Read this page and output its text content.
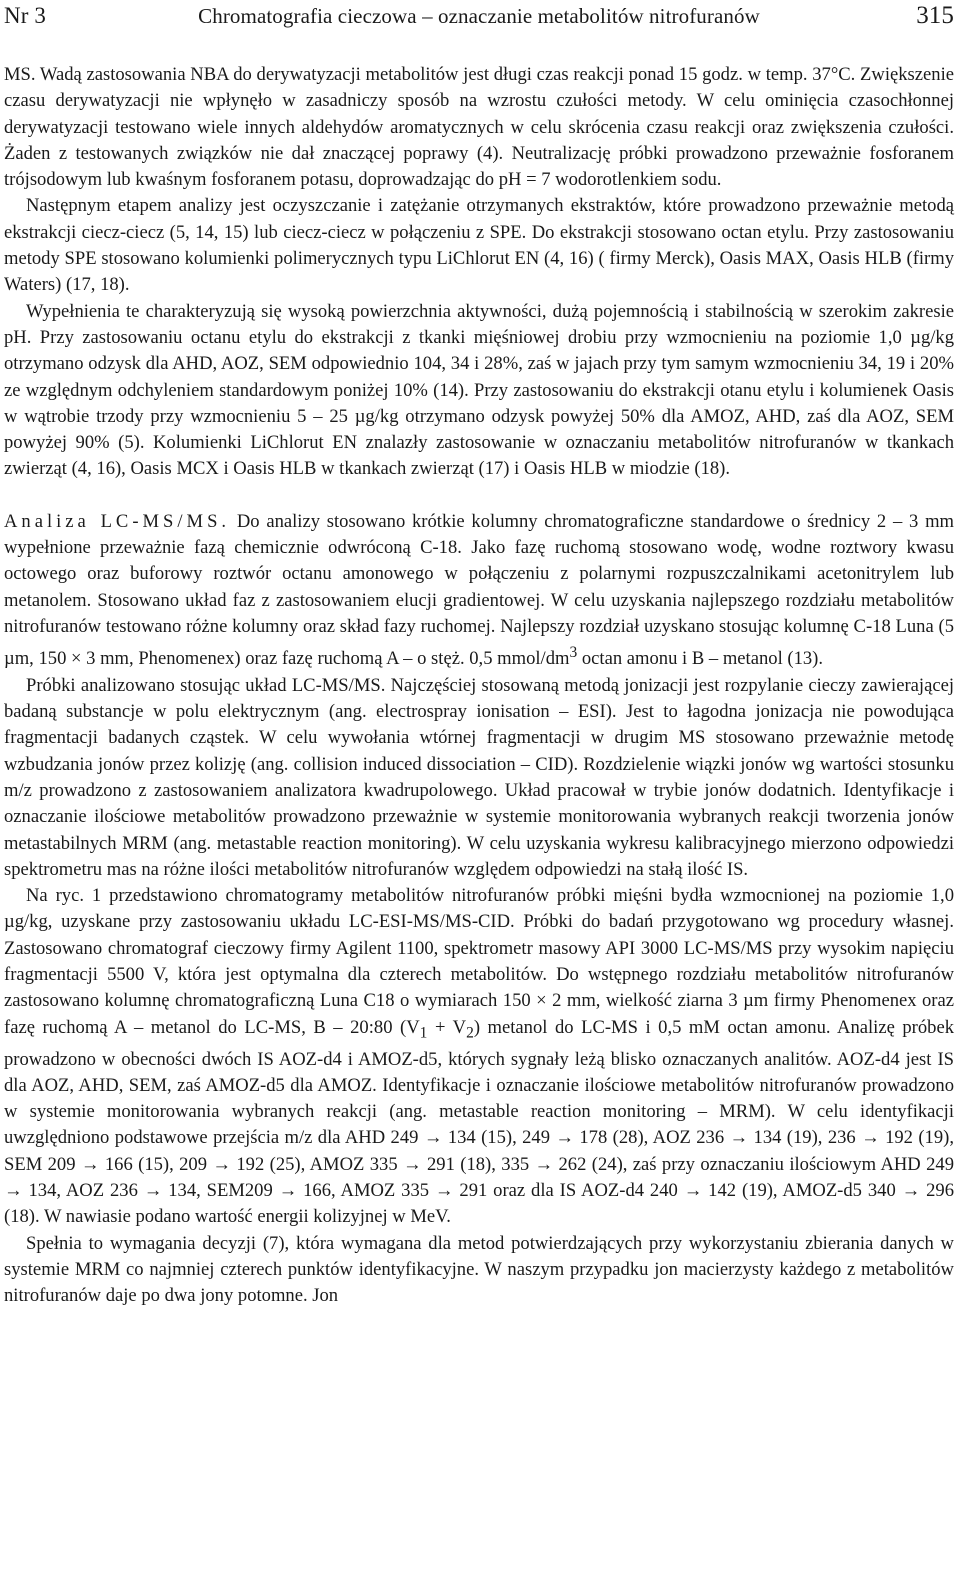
Nr 3	Chromatografia cieczowa – oznaczanie metabolitów nitrofuranów	315

MS. Wadą zastosowania NBA do derywatyzacji metabolitów jest długi czas reakcji ponad 15 godz. w temp. 37°C. Zwiększenie czasu derywatyzacji nie wpłynęło w zasadniczy sposób na wzrostu czułości metody. W celu ominięcia czasochłonnej derywatyzacji testowano wiele innych aldehydów aromatycznych w celu skrócenia czasu reakcji oraz zwiększenia czułości. Żaden z testowanych związków nie dał znaczącej poprawy (4). Neutralizację próbki prowadzono przeważnie fosforanem trójsodowym lub kwaśnym fosforanem potasu, doprowadzając do pH = 7 wodorotlenkiem sodu.

Następnym etapem analizy jest oczyszczanie i zatężanie otrzymanych ekstraktów, które prowadzono przeważnie metodą ekstrakcji ciecz-ciecz (5, 14, 15) lub ciecz-ciecz w połączeniu z SPE. Do ekstrakcji stosowano octan etylu. Przy zastosowaniu metody SPE stosowano kolumienki polimerycznych typu LiChlorut EN (4, 16) ( firmy Merck), Oasis MAX, Oasis HLB (firmy Waters) (17, 18).

Wypełnienia te charakteryzują się wysoką powierzchnia aktywności, dużą pojemnością i stabilnością w szerokim zakresie pH. Przy zastosowaniu octanu etylu do ekstrakcji z tkanki mięśniowej drobiu przy wzmocnieniu na poziomie 1,0 µg/kg otrzymano odzysk dla AHD, AOZ, SEM odpowiednio 104, 34 i 28%, zaś w jajach przy tym samym wzmocnieniu 34, 19 i 20% ze względnym odchyleniem standardowym poniżej 10% (14). Przy zastosowaniu do ekstrakcji otanu etylu i kolumienek Oasis w wątrobie trzody przy wzmocnieniu 5 – 25 µg/kg otrzymano odzysk powyżej 50% dla AMOZ, AHD, zaś dla AOZ, SEM powyżej 90% (5). Kolumienki LiChlorut EN znalazły zastosowanie w oznaczaniu metabolitów nitrofuranów w tkankach zwierząt (4, 16), Oasis MCX i Oasis HLB w tkankach zwierząt (17) i Oasis HLB w miodzie (18).

Analiza LC-MS/MS. Do analizy stosowano krótkie kolumny chromatograficzne standardowe o średnicy 2 – 3 mm wypełnione przeważnie fazą chemicznie odwróconą C-18. Jako fazę ruchomą stosowano wodę, wodne roztwory kwasu octowego oraz buforowy roztwór octanu amonowego w połączeniu z polarnymi rozpuszczalnikami acetonitrylem lub metanolem. Stosowano układ faz z zastosowaniem elucji gradientowej. W celu uzyskania najlepszego rozdziału metabolitów nitrofuranów testowano różne kolumny oraz skład fazy ruchomej. Najlepszy rozdział uzyskano stosując kolumnę C-18 Luna (5 µm, 150 × 3 mm, Phenomenex) oraz fazę ruchomą A – o stęż. 0,5 mmol/$dm^3$ octan amonu i B – metanol (13).

Próbki analizowano stosując układ LC-MS/MS. Najczęściej stosowaną metodą jonizacji jest rozpylanie cieczy zawierającej badaną substancje w polu elektrycznym (ang. electrospray ionisation – ESI). Jest to łagodna jonizacja nie powodująca fragmentacji badanych cząstek. W celu wywołania wtórnej fragmentacji w drugim MS stosowano przeważnie metodę wzbudzania jonów przez kolizję (ang. collision induced dissociation – CID). Rozdzielenie wiązki jonów wg wartości stosunku m/z prowadzono z zastosowaniem analizatora kwadrupolowego. Układ pracował w trybie jonów dodatnich. Identyfikacje i oznaczanie ilościowe metabolitów prowadzono przeważnie w systemie monitorowania wybranych reakcji tworzenia jonów metastabilnych MRM (ang. metastable reaction monitoring). W celu uzyskania wykresu kalibracyjnego mierzono odpowiedzi spektrometru mas na różne ilości metabolitów nitrofuranów względem odpowiedzi na stałą ilość IS.

Na ryc. 1 przedstawiono chromatogramy metabolitów nitrofuranów próbki mięśni bydła wzmocnionej na poziomie 1,0 µg/kg, uzyskane przy zastosowaniu układu LC-ESI-MS/MS-CID. Próbki do badań przygotowano wg procedury własnej. Zastosowano chromatograf cieczowy firmy Agilent 1100, spektrometr masowy API 3000 LC-MS/MS przy wysokim napięciu fragmentacji 5500 V, która jest optymalna dla czterech metabolitów. Do wstępnego rozdziału metabolitów nitrofuranów zastosowano kolumnę chromatograficzną Luna C18 o wymiarach 150 × 2 mm, wielkość ziarna 3 µm firmy Phenomenex oraz fazę ruchomą A – metanol do LC-MS, B – 20:80 $(V_1 + V_2)$ metanol do LC-MS i 0,5 mM octan amonu. Analizę próbek prowadzono w obecności dwóch IS AOZ-d4 i AMOZ-d5, których sygnały leżą blisko oznaczanych analitów. AOZ-d4 jest IS dla AOZ, AHD, SEM, zaś AMOZ-d5 dla AMOZ. Identyfikacje i oznaczanie ilościowe metabolitów nitrofuranów prowadzono w systemie monitorowania wybranych reakcji (ang. metastable reaction monitoring – MRM). W celu identyfikacji uwzględniono podstawowe przejścia m/z dla AHD 249 → 134 (15), 249 → 178 (28), AOZ 236 → 134 (19), 236 → 192 (19), SEM 209 → 166 (15), 209 → 192 (25), AMOZ 335 → 291 (18), 335 → 262 (24), zaś przy oznaczaniu ilościowym AHD 249 → 134, AOZ 236 → 134, SEM209 → 166, AMOZ 335 → 291 oraz dla IS AOZ-d4 240 → 142 (19), AMOZ-d5 340 → 296 (18). W nawiasie podano wartość energii kolizyjnej w MeV.

Spełnia to wymagania decyzji (7), która wymagana dla metod potwierdzających przy wykorzystaniu zbierania danych w systemie MRM co najmniej czterech punktów identyfikacyjne. W naszym przypadku jon macierzysty każdego z metabolitów nitrofuranów daje po dwa jony potomne. Jon
